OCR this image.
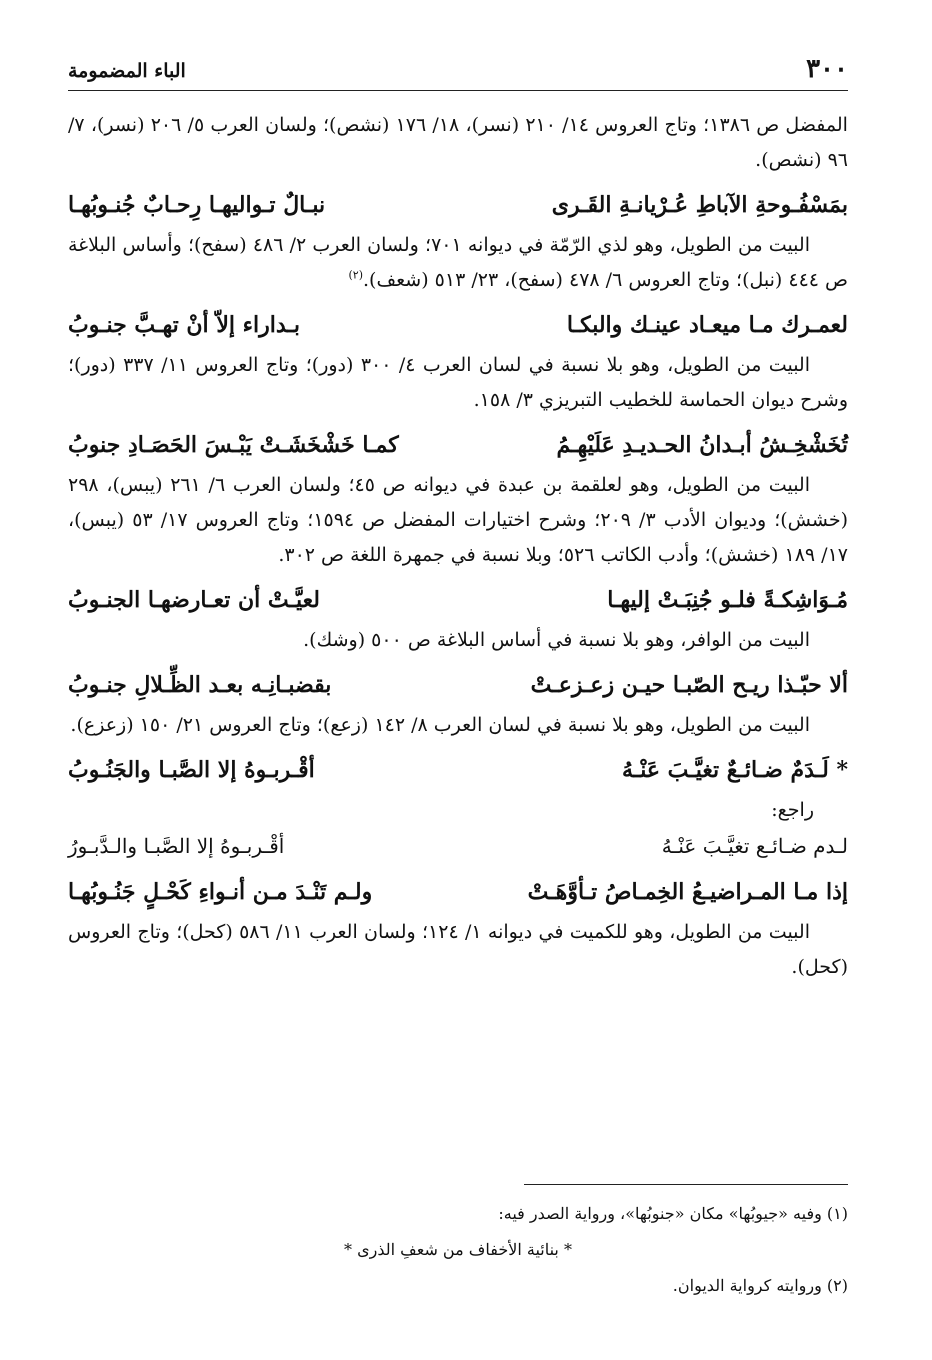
٣٠٠
الباء المضمومة

المفضل ص ١٣٨٦؛ وتاج العروس ١٤/ ٢١٠ (نسر)، ١٨/ ١٧٦ (نشص)؛ ولسان العرب ٥/ ٢٠٦ (نسر)، ٧/ ٩٦ (نشص).

بمَسْفُـوحةِ الآباطِ عُـرْيانـةِ القَـرى
نبـالٌ تـواليهـا رِحـابٌ جُنـوبُهـا

البيت من الطويل، وهو لذي الرّمّة في ديوانه ٧٠١؛ ولسان العرب ٢/ ٤٨٦ (سفح)؛ وأساس البلاغة ص ٤٤٤ (نبل)؛ وتاج العروس ٦/ ٤٧٨ (سفح)، ٢٣/ ٥١٣ (شعف).$^{(٢)}$

لعمـرك مـا ميعـاد عينـك والبكـا
بـداراء إلاّ أنْ تهـبَّ جنـوبُ

البيت من الطويل، وهو بلا نسبة في لسان العرب ٤/ ٣٠٠ (دور)؛ وتاج العروس ١١/ ٣٣٧ (دور)؛ وشرح ديوان الحماسة للخطيب التبريزي ٣/ ١٥٨.

تُخَشْخِـشُ أبـدانُ الحـديـدِ عَلَيْهِـمُ
كمـا خَشْخَشَـتْ يَبْـسَ الحَصَـادِ جنوبُ

البيت من الطويل، وهو لعلقمة بن عبدة في ديوانه ص ٤٥؛ ولسان العرب ٦/ ٢٦١ (يبس)، ٢٩٨ (خشش)؛ وديوان الأدب ٣/ ٢٠٩؛ وشرح اختيارات المفضل ص ١٥٩٤؛ وتاج العروس ١٧/ ٥٣ (يبس)، ١٧/ ١٨٩ (خشش)؛ وأدب الكاتب ٥٢٦؛ وبلا نسبة في جمهرة اللغة ص ٣٠٢.

مُـوَاشِكـةً فلـو جُنِبَـتْ إليهـا
لعيَّـتْ أن تعـارضهـا الجنـوبُ

البيت من الوافر، وهو بلا نسبة في أساس البلاغة ص ٥٠٠ (وشك).

ألا حبّـذا ريـح الصّبـا حيـن زعـزعـتْ
بقضبـانِـه بعـد الظِّـلالِ جنـوبُ

البيت من الطويل، وهو بلا نسبة في لسان العرب ٨/ ١٤٢ (زعع)؛ وتاج العروس ٢١/ ١٥٠ (زعزع).

* لَـدَمٌ ضـائـعٌ تغيَّـبَ عَنْـهُ
أقْـربـوهُ إلا الصَّبـا والجَنُـوبُ

راجع:

لـدم ضـائـع تغيَّـبَ عَنْـهُ
أقْـربـوهُ إلا الصَّبـا والـدَّبـورُ
إذا مـا المـراضيـعُ الخِمـاصُ تـأوَّهَـتْ
ولـم تَنْـدَ مـن أنـواءِ كَحْـلٍ جَنُـوبُهـا

البيت من الطويل، وهو للكميت في ديوانه ١/ ١٢٤؛ ولسان العرب ١١/ ٥٨٦ (كحل)؛ وتاج العروس (كحل).

(١) وفيه «جيوبُها» مكان «جنوبُها»، ورواية الصدر فيه:

* بنائية الأخفاف من شعفِ الذرى *

(٢) وروايته كرواية الديوان.
